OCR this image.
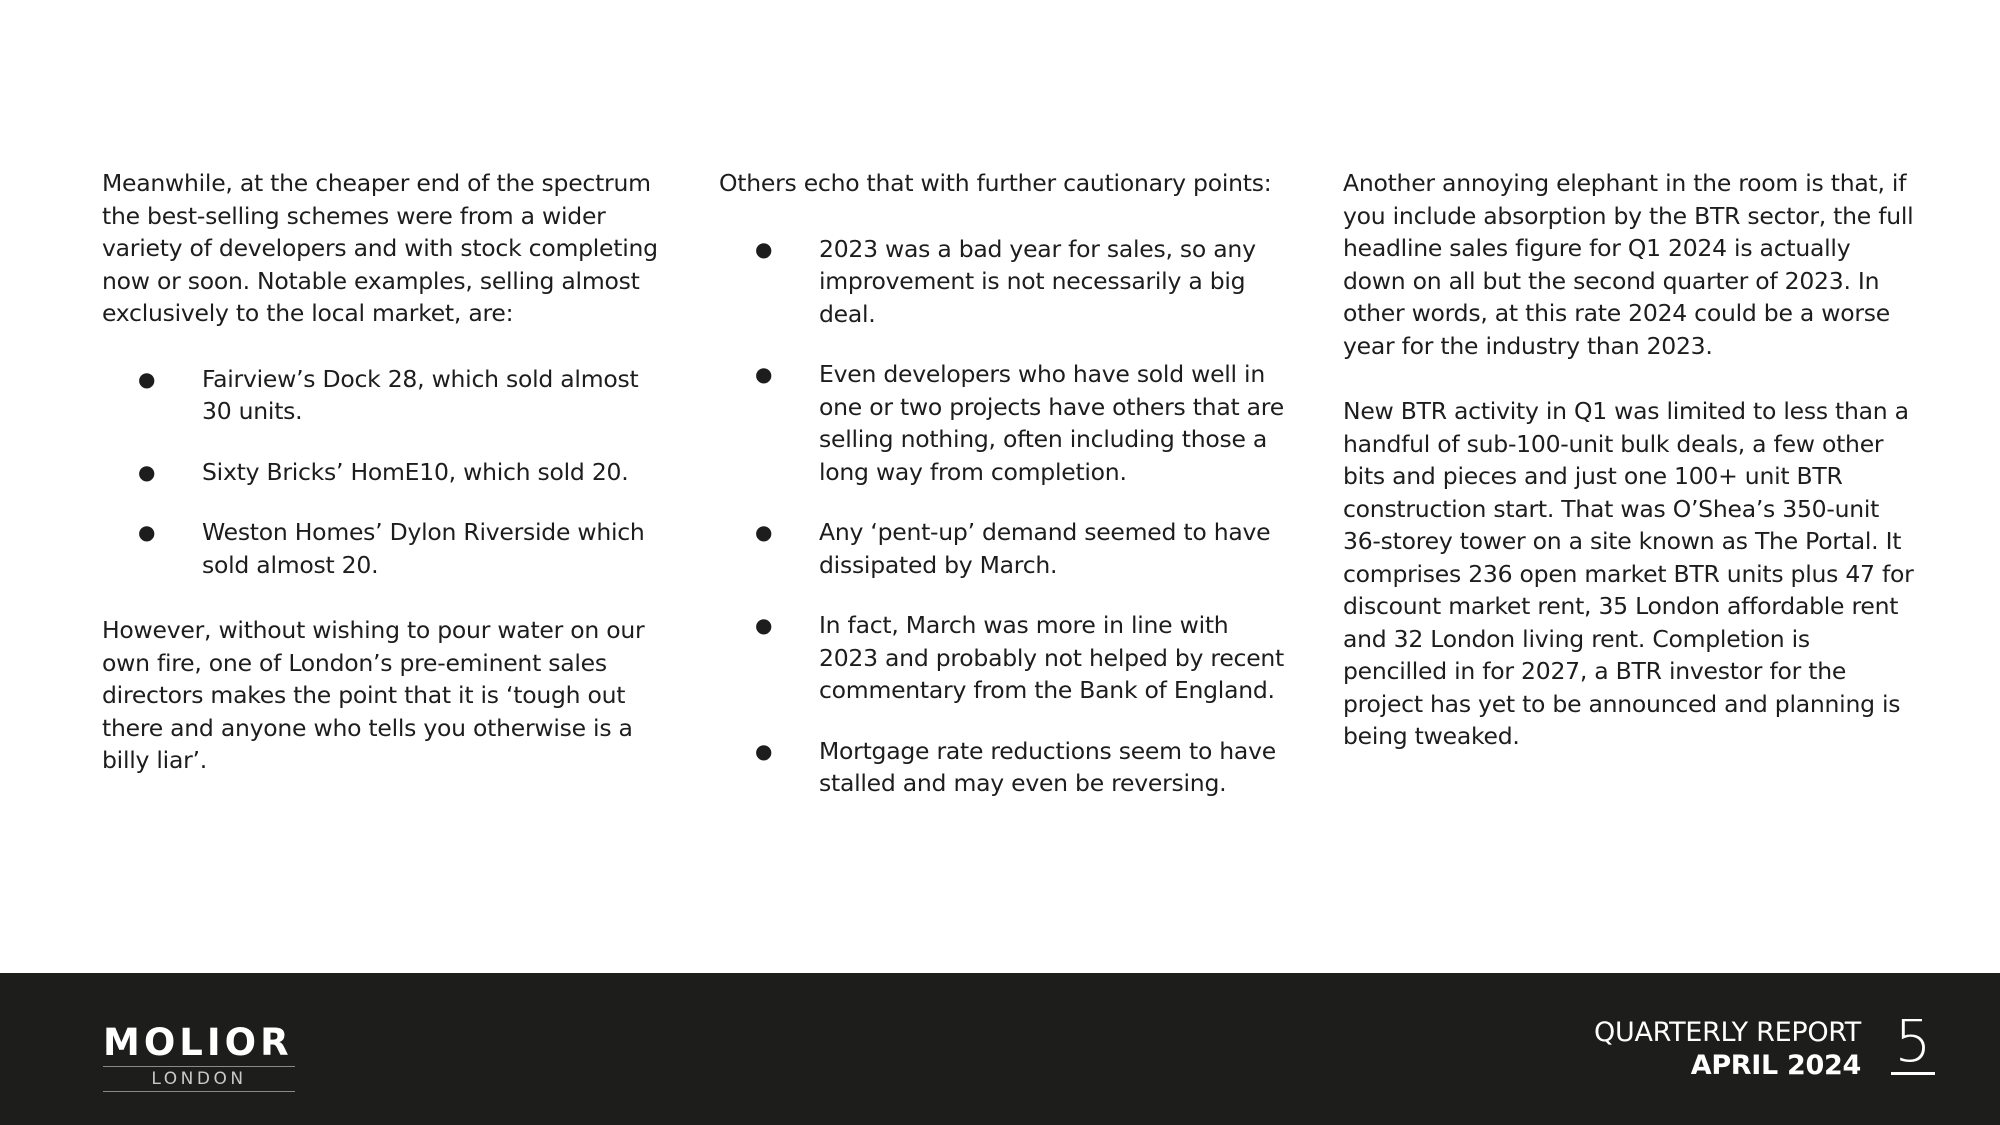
Meanwhile, at the cheaper end of the spectrum the best-selling schemes were from a wider variety of developers and with stock completing now or soon. Notable examples, selling almost exclusively to the local market, are:

● Fairview’s Dock 28, which sold almost 30 units.
● Sixty Bricks’ HomE10, which sold 20.
● Weston Homes’ Dylon Riverside which sold almost 20.

However, without wishing to pour water on our own fire, one of London’s pre-eminent sales directors makes the point that it is ‘tough out there and anyone who tells you otherwise is a billy liar’.

Others echo that with further cautionary points:

● 2023 was a bad year for sales, so any improvement is not necessarily a big deal.
● Even developers who have sold well in one or two projects have others that are selling nothing, often including those a long way from completion.
● Any ‘pent-up’ demand seemed to have dissipated by March.
● In fact, March was more in line with 2023 and probably not helped by recent commentary from the Bank of England.
● Mortgage rate reductions seem to have stalled and may even be reversing.

Another annoying elephant in the room is that, if you include absorption by the BTR sector, the full headline sales figure for Q1 2024 is actually down on all but the second quarter of 2023. In other words, at this rate 2024 could be a worse year for the industry than 2023.

New BTR activity in Q1 was limited to less than a handful of sub-100-unit bulk deals, a few other bits and pieces and just one 100+ unit BTR construction start. That was O’Shea’s 350-unit 36-storey tower on a site known as The Portal. It comprises 236 open market BTR units plus 47 for discount market rent, 35 London affordable rent and 32 London living rent. Completion is pencilled in for 2027, a BTR investor for the project has yet to be announced and planning is being tweaked.

MOLIOR
LONDON
QUARTERLY REPORT
APRIL 2024 5
